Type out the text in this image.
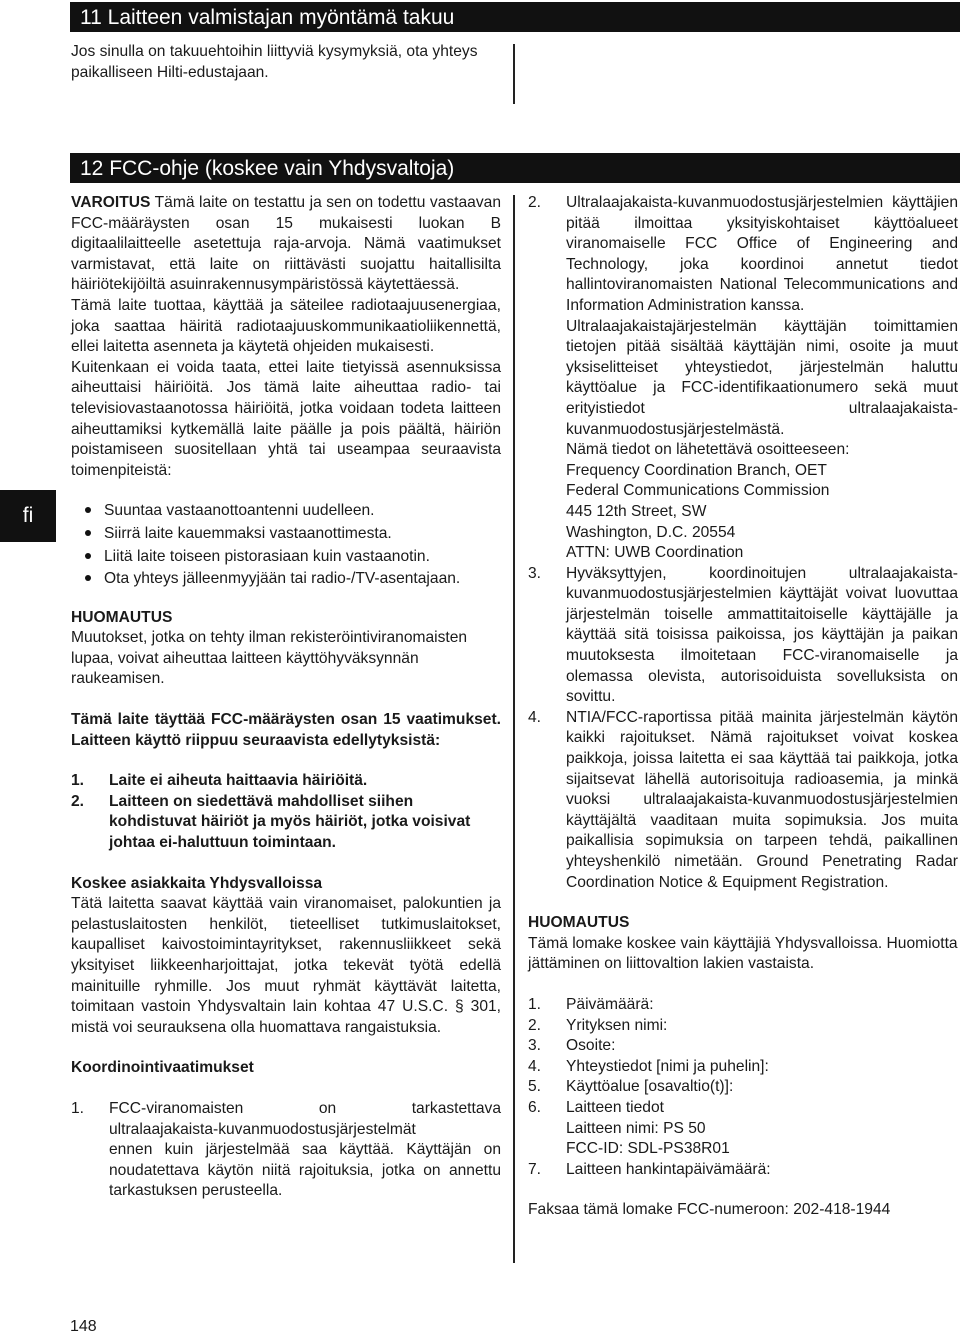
11 Laitteen valmistajan myöntämä takuu

Jos sinulla on takuuehtoihin liittyviä kysymyksiä, ota yhteys paikalliseen Hilti-edustajaan.

12 FCC-ohje (koskee vain Yhdysvaltoja)

VAROITUS Tämä laite on testattu ja sen on todettu vastaavan FCC-määräysten osan 15 mukaisesti luokan B digitaalilaitteelle asetettuja raja-arvoja. Nämä vaatimukset varmistavat, että laite on riittävästi suojattu haitallisilta häiriötekijöiltä asuinrakennusympäristössä käytettäessä.

Tämä laite tuottaa, käyttää ja säteilee radiotaajuusenergiaa, joka saattaa häiritä radiotaajuuskommunikaatioliikennettä, ellei laitetta asenneta ja käytetä ohjeiden mukaisesti.

Kuitenkaan ei voida taata, ettei laite tietyissä asennuksissa aiheuttaisi häiriöitä. Jos tämä laite aiheuttaa radio- tai televisiovastaanotossa häiriöitä, jotka voidaan todeta laitteen aiheuttamiksi kytkemällä laite päälle ja pois päältä, häiriön poistamiseen suositellaan yhtä tai useampaa seuraavista toimenpiteistä:

Suuntaa vastaanottoantenni uudelleen.
Siirrä laite kauemmaksi vastaanottimesta.
Liitä laite toiseen pistorasiaan kuin vastaanotin.
Ota yhteys jälleenmyyjään tai radio-/TV-asentajaan.

HUOMAUTUS

Muutokset, jotka on tehty ilman rekisteröintiviranomaisten lupaa, voivat aiheuttaa laitteen käyttöhyväksynnän raukeamisen.

Tämä laite täyttää FCC-määräysten osan 15 vaatimukset. Laitteen käyttö riippuu seuraavista edellytyksistä:

1.	Laite ei aiheuta haittaavia häiriöitä.
2.	Laitteen on siedettävä mahdolliset siihen kohdistuvat häiriöt ja myös häiriöt, jotka voisivat johtaa ei-haluttuun toimintaan.

Koskee asiakkaita Yhdysvalloissa

Tätä laitetta saavat käyttää vain viranomaiset, palokuntien ja pelastuslaitosten henkilöt, tieteelliset tutkimuslaitokset, kaupalliset kaivostoimintayritykset, rakennusliikkeet sekä yksityiset liikkeenharjoittajat, jotka tekevät työtä edellä mainituille ryhmille. Jos muut ryhmät käyttävät laitetta, toimitaan vastoin Yhdysvaltain lain kohtaa 47 U.S.C. § 301, mistä voi seurauksena olla huomattava rangaistuksia.

Koordinointivaatimukset

1.	FCC-viranomaisten on tarkastettava
ultralaajakaista-kuvanmuodostusjärjestelmät
ennen kuin järjestelmää saa käyttää. Käyttäjän on noudatettava käytön niitä rajoituksia, jotka on annettu tarkastuksen perusteella.
2.	Ultralaajakaista-kuvanmuodostusjärjestelmien käyttäjien pitää ilmoittaa yksityiskohtaiset käyttöalueet viranomaiselle FCC Office of Engineering and Technology, joka koordinoi annetut tiedot hallintoviranomaisten National Telecommunications and Information Administration kanssa.

Ultralaajakaistajärjestelmän käyttäjän toimittamien tietojen pitää sisältää käyttäjän nimi, osoite ja muut yksiselitteiset yhteystiedot, järjestelmän haluttu käyttöalue ja FCC-identifikaationumero sekä muut erityistiedot ultralaajakaista-kuvanmuodostusjärjestelmästä.

Nämä tiedot on lähetettävä osoitteeseen:

Frequency Coordination Branch, OET
Federal Communications Commission
445 12th Street, SW
Washington, D.C. 20554
ATTN: UWB Coordination
3.	Hyväksyttyjen, koordinoitujen ultralaajakaista-kuvanmuodostusjärjestelmien käyttäjät voivat luovuttaa järjestelmän toiselle ammattitaitoiselle käyttäjälle ja käyttää sitä toisissa paikoissa, jos käyttäjän ja paikan muutoksesta ilmoitetaan FCC-viranomaiselle ja olemassa olevista, autorisoiduista sovelluksista on sovittu.
4.	NTIA/FCC-raportissa pitää mainita järjestelmän käytön kaikki rajoitukset. Nämä rajoitukset voivat koskea paikkoja, joissa laitetta ei saa käyttää tai paikkoja, jotka sijaitsevat lähellä autorisoituja radioasemia, ja minkä vuoksi ultralaajakaista-kuvanmuodostusjärjestelmien käyttäjältä vaaditaan muita sopimuksia. Jos muita paikallisia sopimuksia on tarpeen tehdä, paikallinen yhteyshenkilö nimetään. Ground Penetrating Radar Coordination Notice & Equipment Registration.

HUOMAUTUS

Tämä lomake koskee vain käyttäjiä Yhdysvalloissa. Huomiotta jättäminen on liittovaltion lakien vastaista.

1.	Päivämäärä:
2.	Yrityksen nimi:
3.	Osoite:
4.	Yhteystiedot [nimi ja puhelin]:
5.	Käyttöalue [osavaltio(t)]:
6.	Laitteen tiedot
Laitteen nimi: PS 50
FCC-ID: SDL-PS38R01
7.	Laitteen hankintapäivämäärä:

Faksaa tämä lomake FCC-numeroon: 202-418-1944

fi
148
